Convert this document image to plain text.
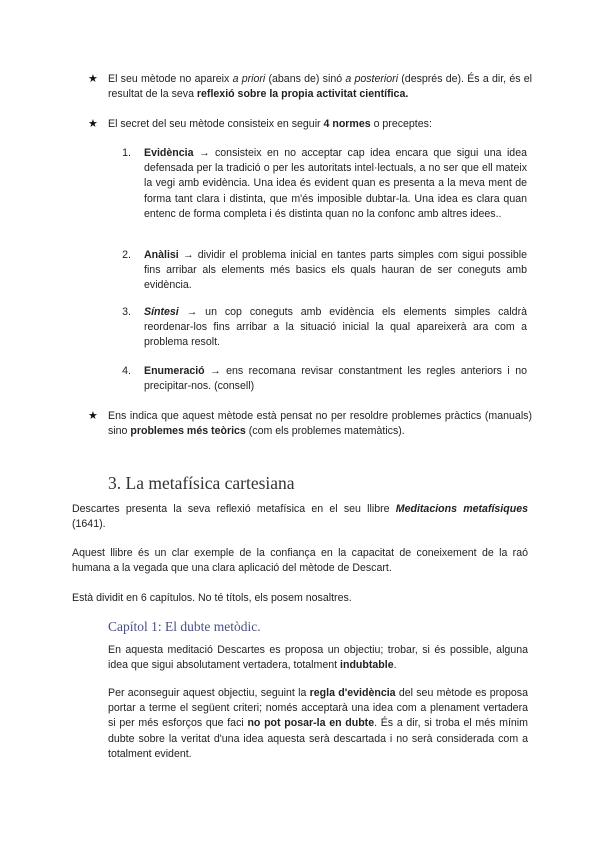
★ El seu mètode no apareix a priori (abans de) sinó a posteriori (després de). És a dir, és el resultat de la seva reflexió sobre la propia activitat científica.
★ El secret del seu mètode consisteix en seguir 4 normes o preceptes:
1. Evidència → consisteix en no acceptar cap idea encara que sigui una idea defensada per la tradició o per les autoritats intel·lectuals, a no ser que ell mateix la vegi amb evidència. Una idea és evident quan es presenta a la meva ment de forma tant clara i distinta, que m'és imposible dubtar-la. Una idea es clara quan entenc de forma completa i és distinta quan no la confonc amb altres idees..
2. Anàlisi → dividir el problema inicial en tantes parts simples com sigui possible fins arribar als elements més basics els quals hauran de ser coneguts amb evidència.
3. Síntesi → un cop coneguts amb evidència els elements simples caldrà reordenar-los fins arribar a la situació inicial la qual apareixerà ara com a problema resolt.
4. Enumeració → ens recomana revisar constantment les regles anteriors i no precipitar-nos. (consell)
★ Ens indica que aquest mètode està pensat no per resoldre problemes pràctics (manuals) sino problemes més teòrics (com els problemes matemàtics).
3. La metafísica cartesiana
Descartes presenta la seva reflexió metafísica en el seu llibre Meditacions metafísiques (1641).
Aquest llibre és un clar exemple de la confiança en la capacitat de coneixement de la raó humana a la vegada que una clara aplicació del mètode de Descart.
Està dividit en 6 capítulos. No té títols, els posem nosaltres.
Capítol 1: El dubte metòdic.
En aquesta meditació Descartes es proposa un objectiu; trobar, si és possible, alguna idea que sigui absolutament vertadera, totalment indubtable.
Per aconseguir aquest objectiu, seguint la regla d'evidència del seu mètode es proposa portar a terme el següent criteri; només acceptarà una idea com a plenament vertadera si per més esforços que faci no pot posar-la en dubte. És a dir, si troba el més mínim dubte sobre la veritat d'una idea aquesta serà descartada i no serà considerada com a totalment evident.
